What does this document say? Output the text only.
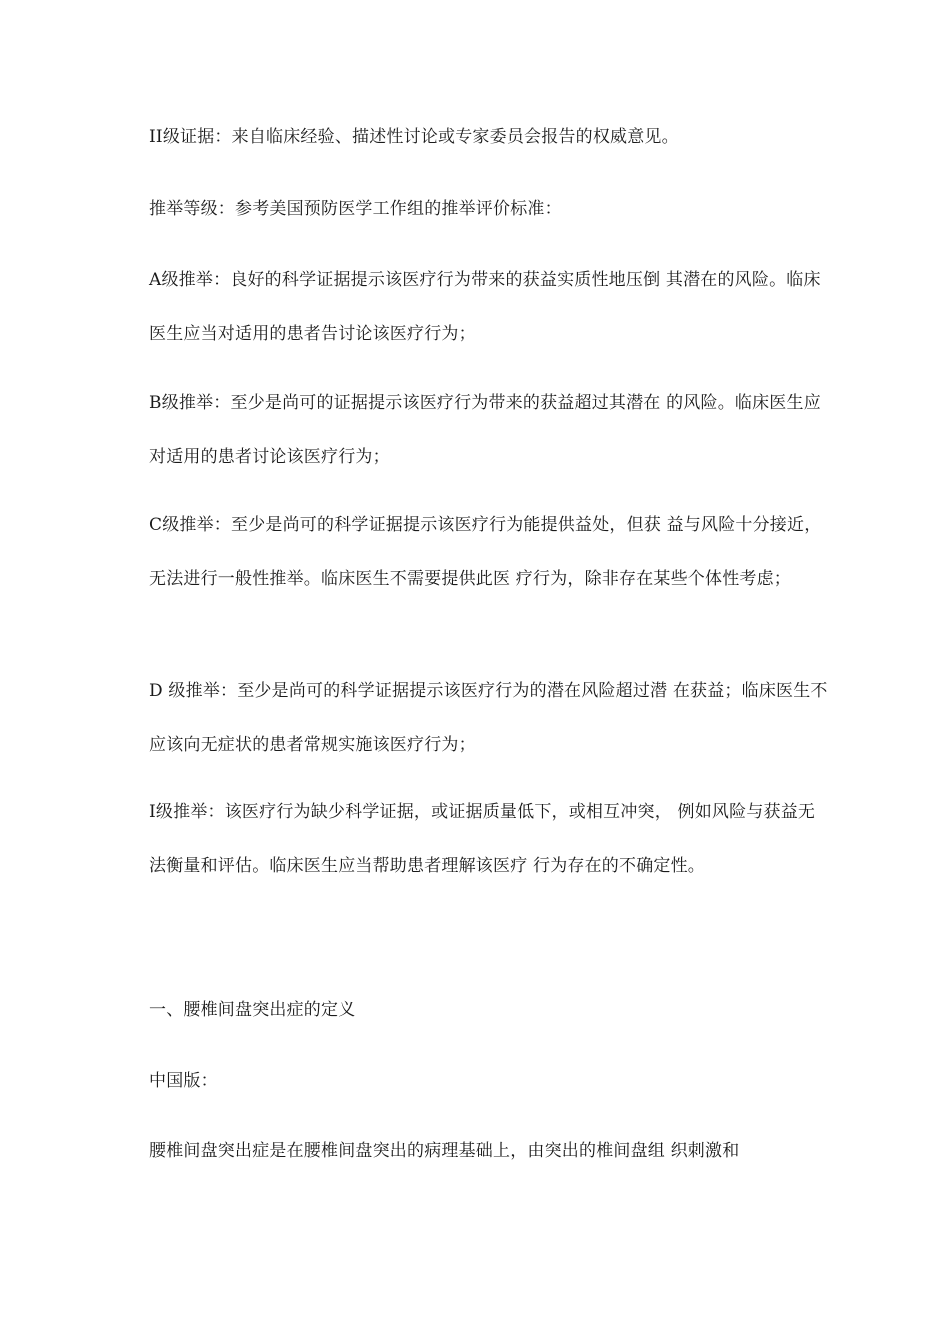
II级证据：来自临床经验、描述性讨论或专家委员会报告的权威意见。

推举等级：参考美国预防医学工作组的推举评价标准：

A级推举：良好的科学证据提示该医疗行为带来的获益实质性地压倒 其潜在的风险。临床医生应当对适用的患者告讨论该医疗行为；

B级推举：至少是尚可的证据提示该医疗行为带来的获益超过其潜在 的风险。临床医生应对适用的患者讨论该医疗行为；

C级推举：至少是尚可的科学证据提示该医疗行为能提供益处，但获 益与风险十分接近，无法进行一般性推举。临床医生不需要提供此医 疗行为，除非存在某些个体性考虑；

D 级推举：至少是尚可的科学证据提示该医疗行为的潜在风险超过潜 在获益；临床医生不应该向无症状的患者常规实施该医疗行为；

I级推举：该医疗行为缺少科学证据，或证据质量低下，或相互冲突， 例如风险与获益无法衡量和评估。临床医生应当帮助患者理解该医疗 行为存在的不确定性。

一、腰椎间盘突出症的定义

中国版：

腰椎间盘突出症是在腰椎间盘突出的病理基础上，由突出的椎间盘组 织刺激和
